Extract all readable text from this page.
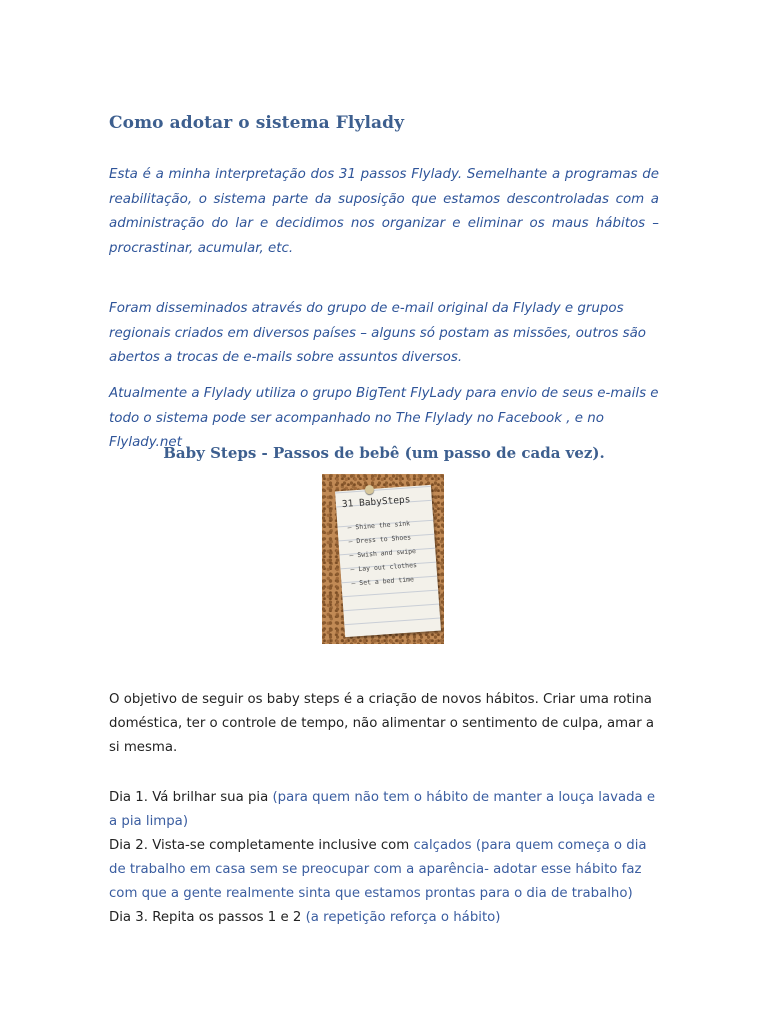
Como adotar o sistema Flylady

Esta é a minha interpretação dos 31 passos Flylady. Semelhante a programas de reabilitação, o sistema parte da suposição que estamos descontroladas com a administração do lar e decidimos nos organizar e eliminar os maus hábitos – procrastinar, acumular, etc.

Foram disseminados através do grupo de e-mail original da Flylady e grupos regionais criados em diversos países – alguns só postam as missões, outros são abertos a trocas de e-mails sobre assuntos diversos.

Atualmente a Flylady utiliza o grupo BigTent FlyLady para envio de seus e-mails e todo o sistema pode ser acompanhado no The Flylady no Facebook , e no Flylady.net

Baby Steps - Passos de bebê (um passo de cada vez).

31 BabySteps

– Shine the sink
– Dress to Shoes
– Swish and swipe
– Lay out clothes
– Set a bed time

O objetivo de seguir os baby steps é a criação de novos hábitos. Criar uma rotina doméstica, ter o controle de tempo, não alimentar o sentimento de culpa, amar a si mesma.

Dia 1. Vá brilhar sua pia (para quem não tem o hábito de manter a louça lavada e a pia limpa)
Dia 2. Vista-se completamente inclusive com calçados (para quem começa o dia de trabalho em casa sem se preocupar com a aparência- adotar esse hábito faz com que a gente realmente sinta que estamos prontas para o dia de trabalho)
Dia 3. Repita os passos 1 e 2 (a repetição reforça o hábito)
